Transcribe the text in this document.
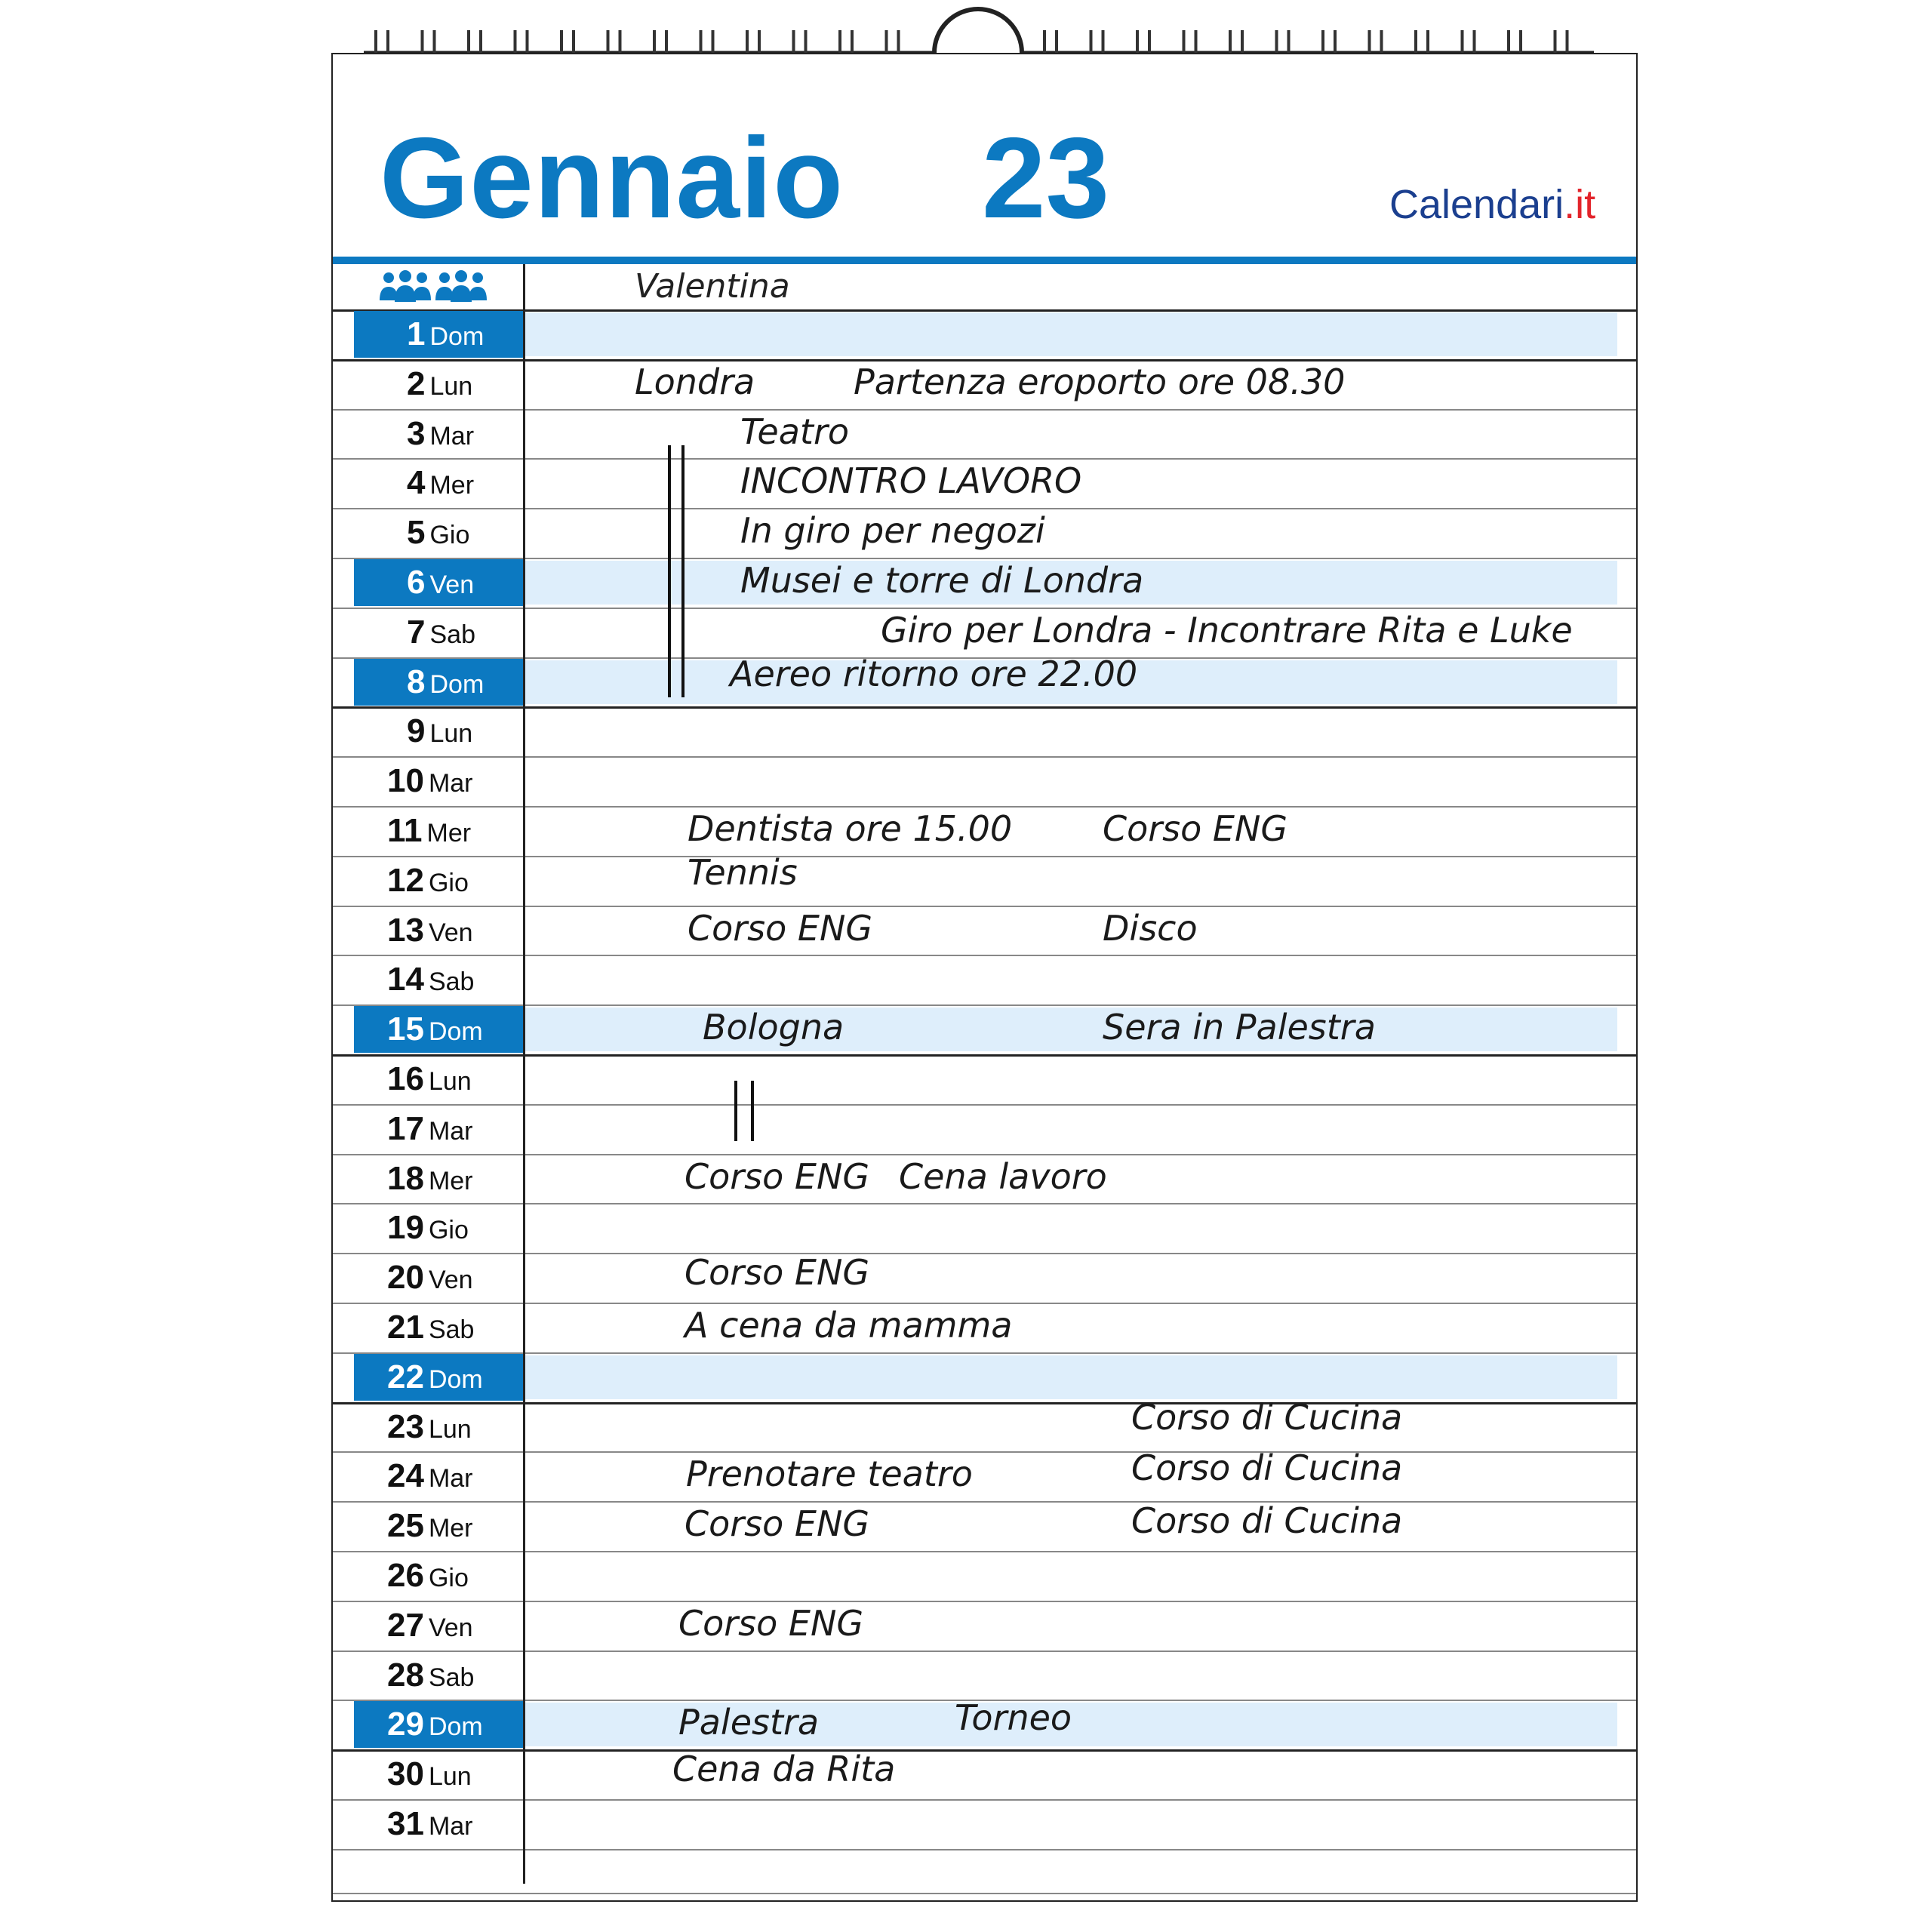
Gennaio 23	Calendari.it
Valentina
1 Dom
2 Lun	Londra	Partenza eroporto ore 08.30
3 Mar	Teatro
4 Mer	INCONTRO LAVORO
5 Gio	In giro per negozi
6 Ven	Musei e torre di Londra
7 Sab	Giro per Londra - Incontrare Rita e Luke
8 Dom	Aereo ritorno ore 22.00
9 Lun
10 Mar
11 Mer	Dentista ore 15.00	Corso ENG
12 Gio	Tennis
13 Ven	Corso ENG	Disco
14 Sab
15 Dom	Bologna	Sera in Palestra
16 Lun
17 Mar
18 Mer	Corso ENG Cena lavoro
19 Gio
20 Ven	Corso ENG
21 Sab	A cena da mamma
22 Dom
23 Lun	Corso di Cucina
24 Mar	Prenotare teatro	Corso di Cucina
25 Mer	Corso ENG	Corso di Cucina
26 Gio
27 Ven	Corso ENG
28 Sab
29 Dom	Palestra	Torneo
30 Lun	Cena da Rita
31 Mar
